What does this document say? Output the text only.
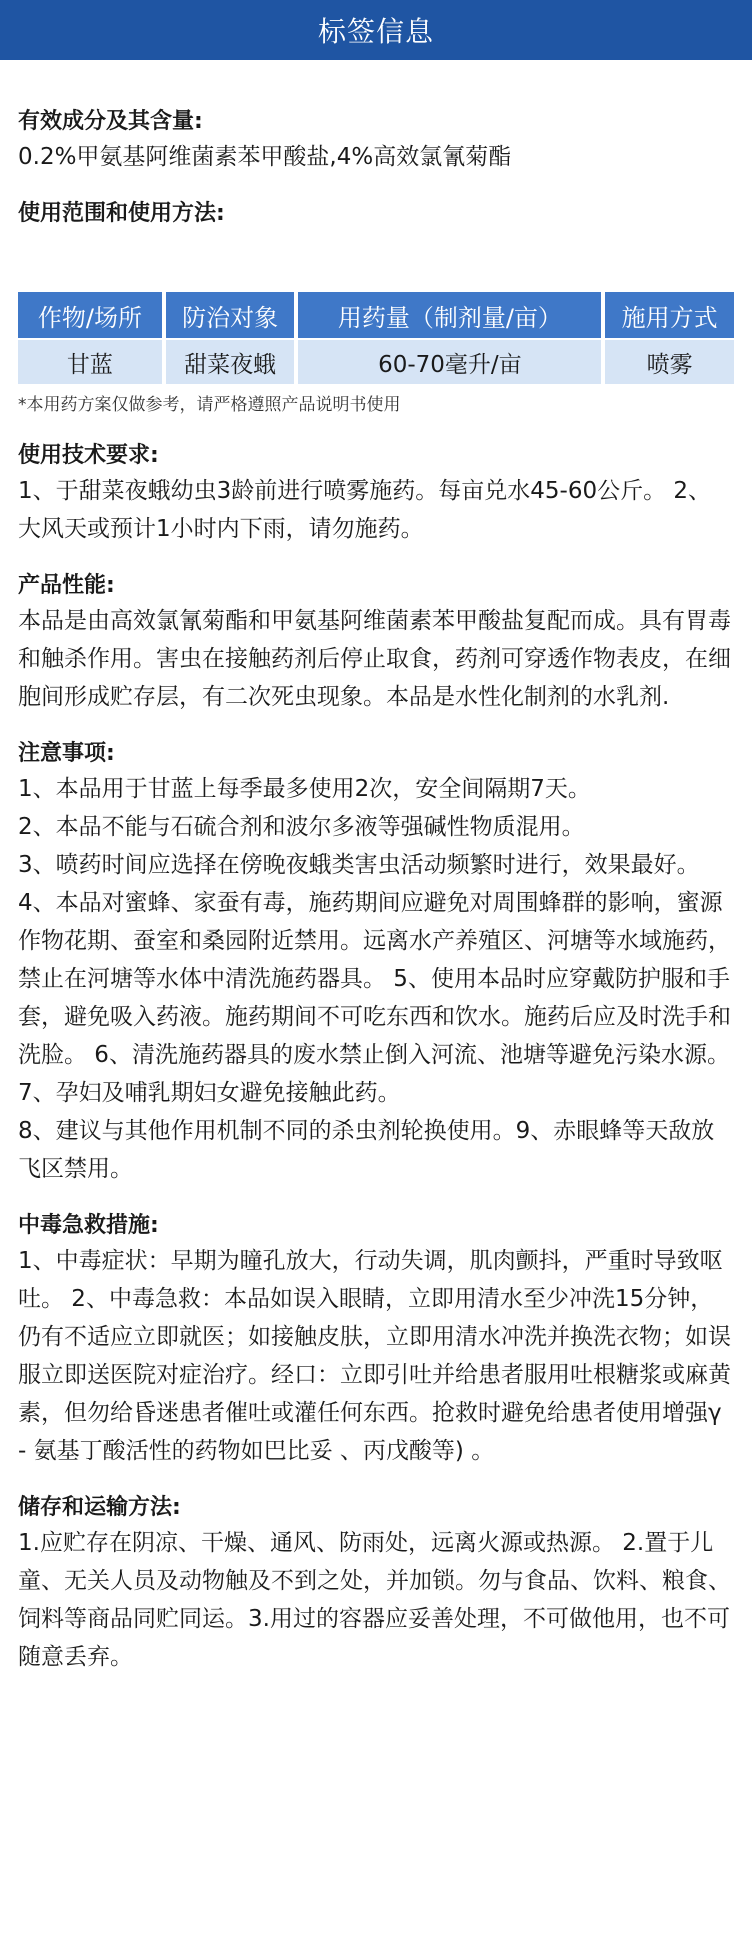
标签信息

有效成分及其含量:

0.2%甲氨基阿维菌素苯甲酸盐,4%高效氯氰菊酯

使用范围和使用方法:

作物/场所	防治对象	用药量（制剂量/亩）	施用方式
甘蓝	甜菜夜蛾	60-70毫升/亩	喷雾
*本用药方案仅做参考，请严格遵照产品说明书使用

使用技术要求:

1、于甜菜夜蛾幼虫3龄前进行喷雾施药。每亩兑水45-60公斤。 2、大风天或预计1小时内下雨，请勿施药。

产品性能:

本品是由高效氯氰菊酯和甲氨基阿维菌素苯甲酸盐复配而成。具有胃毒和触杀作用。害虫在接触药剂后停止取食，药剂可穿透作物表皮，在细胞间形成贮存层，有二次死虫现象。本品是水性化制剂的水乳剂.

注意事项:

1、本品用于甘蓝上每季最多使用2次，安全间隔期7天。

2、本品不能与石硫合剂和波尔多液等强碱性物质混用。

3、喷药时间应选择在傍晚夜蛾类害虫活动频繁时进行，效果最好。4、本品对蜜蜂、家蚕有毒，施药期间应避免对周围蜂群的影响，蜜源作物花期、蚕室和桑园附近禁用。远离水产养殖区、河塘等水域施药，禁止在河塘等水体中清洗施药器具。 5、使用本品时应穿戴防护服和手套，避免吸入药液。施药期间不可吃东西和饮水。施药后应及时洗手和洗脸。 6、清洗施药器具的废水禁止倒入河流、池塘等避免污染水源。 7、孕妇及哺乳期妇女避免接触此药。

8、建议与其他作用机制不同的杀虫剂轮换使用。9、赤眼蜂等天敌放飞区禁用。

中毒急救措施:

1、中毒症状：早期为瞳孔放大，行动失调，肌肉颤抖，严重时导致呕吐。 2、中毒急救：本品如误入眼睛，立即用清水至少冲洗15分钟，仍有不适应立即就医；如接触皮肤，立即用清水冲洗并换洗衣物；如误服立即送医院对症治疗。经口：立即引吐并给患者服用吐根糖浆或麻黄素，但勿给昏迷患者催吐或灌任何东西。抢救时避免给患者使用增强γ - 氨基丁酸活性的药物如巴比妥 、丙戊酸等) 。

储存和运输方法:

1.应贮存在阴凉、干燥、通风、防雨处，远离火源或热源。 2.置于儿童、无关人员及动物触及不到之处，并加锁。勿与食品、饮料、粮食、饲料等商品同贮同运。3.用过的容器应妥善处理，不可做他用，也不可随意丢弃。
